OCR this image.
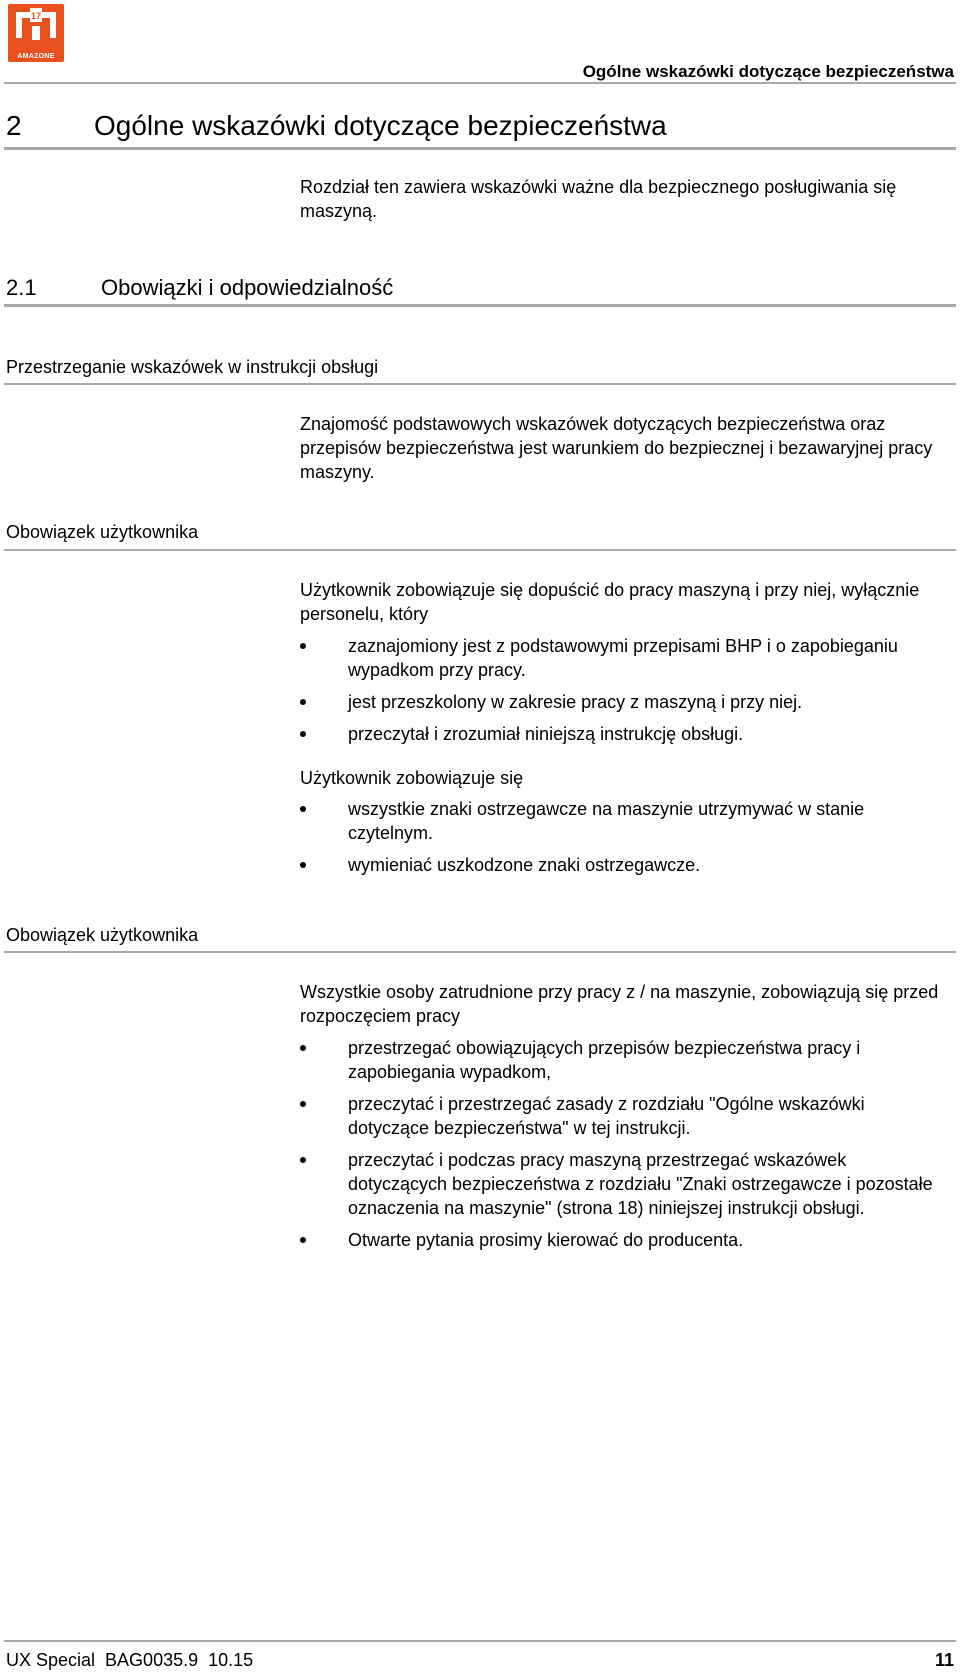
17
AMAZONE
Ogólne wskazówki dotyczące bezpieczeństwa
2	Ogólne wskazówki dotyczące bezpieczeństwa
Rozdział ten zawiera wskazówki ważne dla bezpiecznego posługiwania się maszyną.
2.1	Obowiązki i odpowiedzialność
Przestrzeganie wskazówek w instrukcji obsługi
Znajomość podstawowych wskazówek dotyczących bezpieczeństwa oraz przepisów bezpieczeństwa jest warunkiem do bezpiecznej i bezawaryjnej pracy maszyny.
Obowiązek użytkownika
Użytkownik zobowiązuje się dopuścić do pracy maszyną i przy niej, wyłącznie personelu, który
zaznajomiony jest z podstawowymi przepisami BHP i o zapobieganiu wypadkom przy pracy.
jest przeszkolony w zakresie pracy z maszyną i przy niej.
przeczytał i zrozumiał niniejszą instrukcję obsługi.
Użytkownik zobowiązuje się
wszystkie znaki ostrzegawcze na maszynie utrzymywać w stanie czytelnym.
wymieniać uszkodzone znaki ostrzegawcze.
Obowiązek użytkownika
Wszystkie osoby zatrudnione przy pracy z / na maszynie, zobowiązują się przed rozpoczęciem pracy
przestrzegać obowiązujących przepisów bezpieczeństwa pracy i zapobiegania wypadkom,
przeczytać i przestrzegać zasady z rozdziału "Ogólne wskazówki dotyczące bezpieczeństwa" w tej instrukcji.
przeczytać i podczas pracy maszyną przestrzegać wskazówek dotyczących bezpieczeństwa z rozdziału "Znaki ostrzegawcze i pozostałe oznaczenia na maszynie" (strona 18) niniejszej instrukcji obsługi.
Otwarte pytania prosimy kierować do producenta.
UX Special  BAG0035.9  10.15	11
